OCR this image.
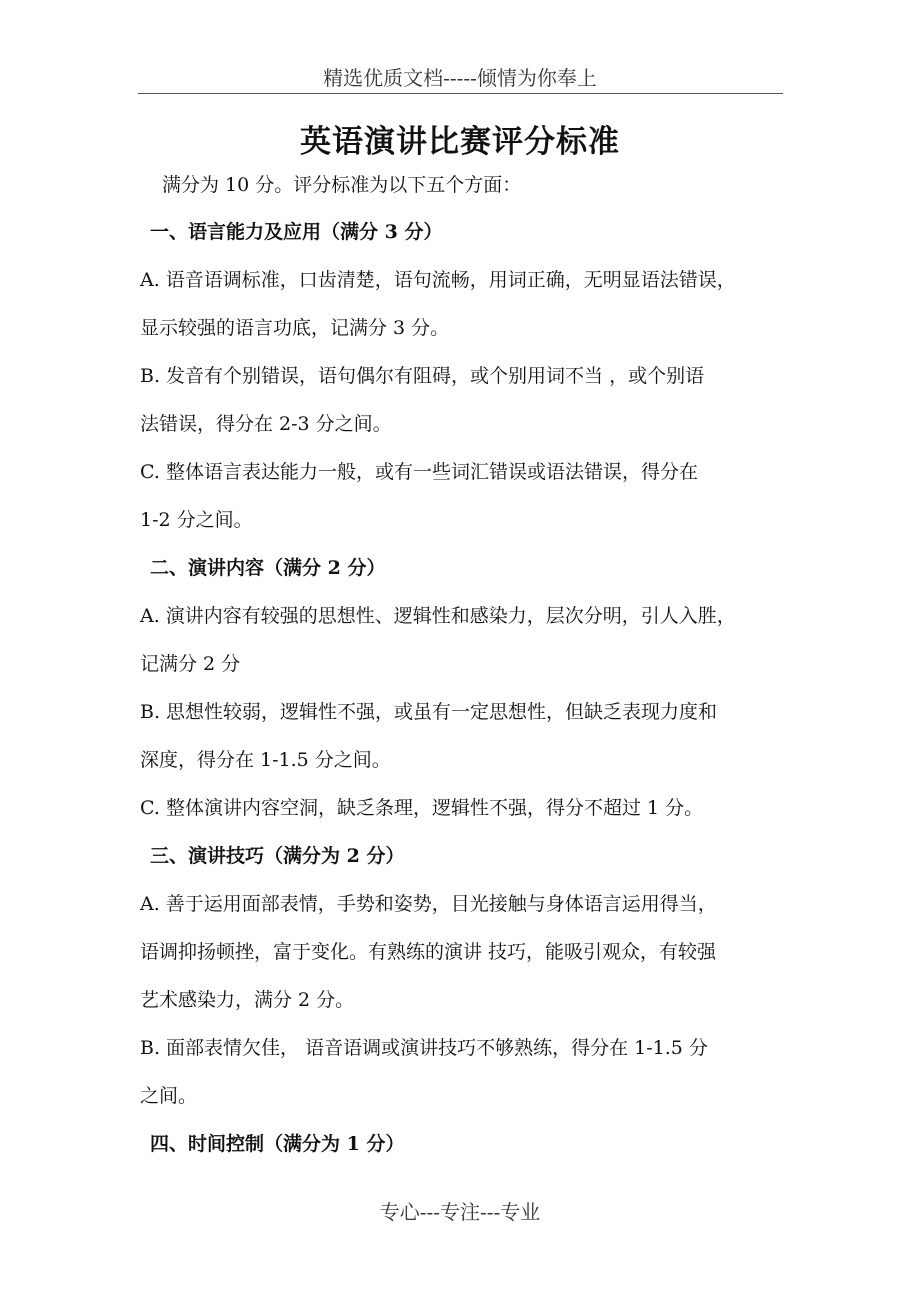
精选优质文档-----倾情为你奉上
英语演讲比赛评分标准
满分为 10 分。评分标准为以下五个方面：
一、语言能力及应用（满分 3 分）
A. 语音语调标准，口齿清楚，语句流畅，用词正确，无明显语法错误，
显示较强的语言功底，记满分 3 分。
B. 发音有个别错误，语句偶尔有阻碍，或个别用词不当 ，或个别语
法错误，得分在 2-3 分之间。
C. 整体语言表达能力一般，或有一些词汇错误或语法错误，得分在
1-2 分之间。
二、演讲内容（满分 2 分）
A. 演讲内容有较强的思想性、逻辑性和感染力，层次分明，引人入胜，
记满分 2 分
B. 思想性较弱，逻辑性不强，或虽有一定思想性，但缺乏表现力度和
深度，得分在 1-1.5 分之间。
C. 整体演讲内容空洞，缺乏条理，逻辑性不强，得分不超过 1 分。
三、演讲技巧（满分为 2 分）
A. 善于运用面部表情，手势和姿势，目光接触与身体语言运用得当，
语调抑扬顿挫，富于变化。有熟练的演讲 技巧，能吸引观众，有较强
艺术感染力，满分 2 分。
B. 面部表情欠佳， 语音语调或演讲技巧不够熟练，得分在 1-1.5 分
之间。
四、时间控制（满分为 1 分）
专心---专注---专业
